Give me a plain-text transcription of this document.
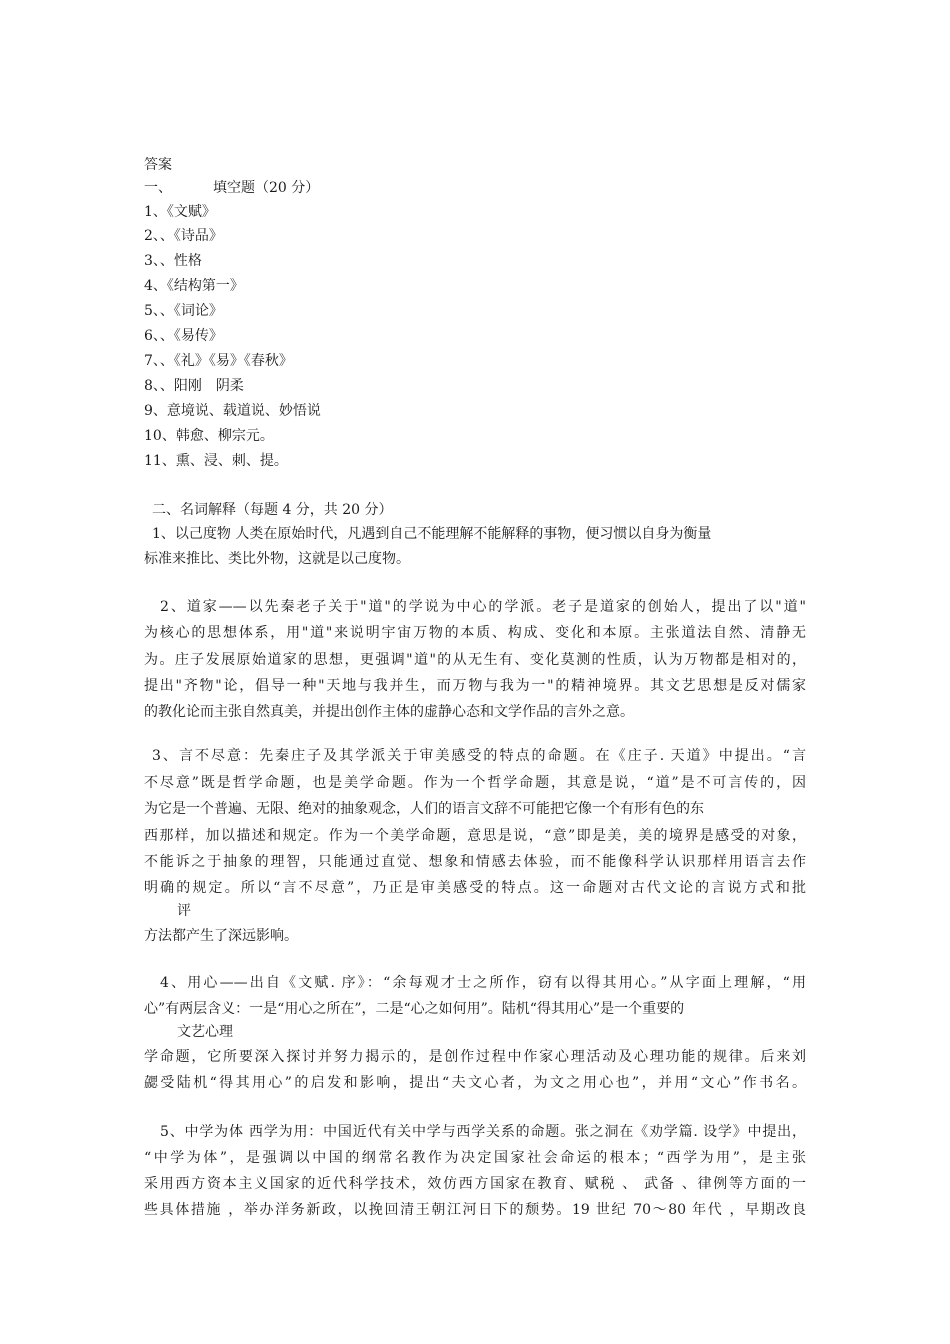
答案
一、	填空题（20 分）
1、《文赋》
2、、《诗品》
3、、性格
4、《结构第一》
5、、《词论》
6、、《易传》
7、、《礼》《易》《春秋》
8、、阳刚　阴柔
9、意境说、载道说、妙悟说
10、韩愈、柳宗元。
11、熏、浸、刺、提。
二、名词解释（每题 4 分，共 20 分）
1、以己度物 人类在原始时代，凡遇到自己不能理解不能解释的事物，便习惯以自身为衡量
标准来推比、类比外物，这就是以己度物。
2、道家——以先秦老子关于"道"的学说为中心的学派。老子是道家的创始人，提出了以"道"
为核心的思想体系，用"道"来说明宇宙万物的本质、构成、变化和本原。主张道法自然、清静无
为。庄子发展原始道家的思想，更强调"道"的从无生有、变化莫测的性质，认为万物都是相对的，
提出"齐物"论，倡导一种"天地与我并生，而万物与我为一"的精神境界。其文艺思想是反对儒家
的教化论而主张自然真美，并提出创作主体的虚静心态和文学作品的言外之意。
3、言不尽意：先秦庄子及其学派关于审美感受的特点的命题。在《庄子. 天道》中提出。“言
不尽意”既是哲学命题，也是美学命题。作为一个哲学命题，其意是说，“道”是不可言传的，因
为它是一个普遍、无限、绝对的抽象观念，人们的语言文辞不可能把它像一个有形有色的东
西那样，加以描述和规定。作为一个美学命题，意思是说，“意”即是美，美的境界是感受的对象，
不能诉之于抽象的理智，只能通过直觉、想象和情感去体验，而不能像科学认识那样用语言去作
明确的规定。所以“言不尽意”，乃正是审美感受的特点。这一命题对古代文论的言说方式和批
评
方法都产生了深远影响。
4、用心——出自《文赋. 序》：“余每观才士之所作，窃有以得其用心。”从字面上理解，“用
心”有两层含义：一是“用心之所在”，二是“心之如何用”。陆机“得其用心”是一个重要的
文艺心理
学命题，它所要深入探讨并努力揭示的，是创作过程中作家心理活动及心理功能的规律。后来刘
勰受陆机“得其用心”的启发和影响，提出“夫文心者，为文之用心也”，并用“文心”作书名。
5、中学为体 西学为用：中国近代有关中学与西学关系的命题。张之洞在《劝学篇. 设学》中提出，
“中学为体”，是强调以中国的纲常名教作为决定国家社会命运的根本；“西学为用”，是主张
采用西方资本主义国家的近代科学技术，效仿西方国家在教育、赋税 、 武备 、律例等方面的一
些具体措施 ，举办洋务新政，以挽回清王朝江河日下的颓势。19 世纪 70～80 年代 ，早期改良
